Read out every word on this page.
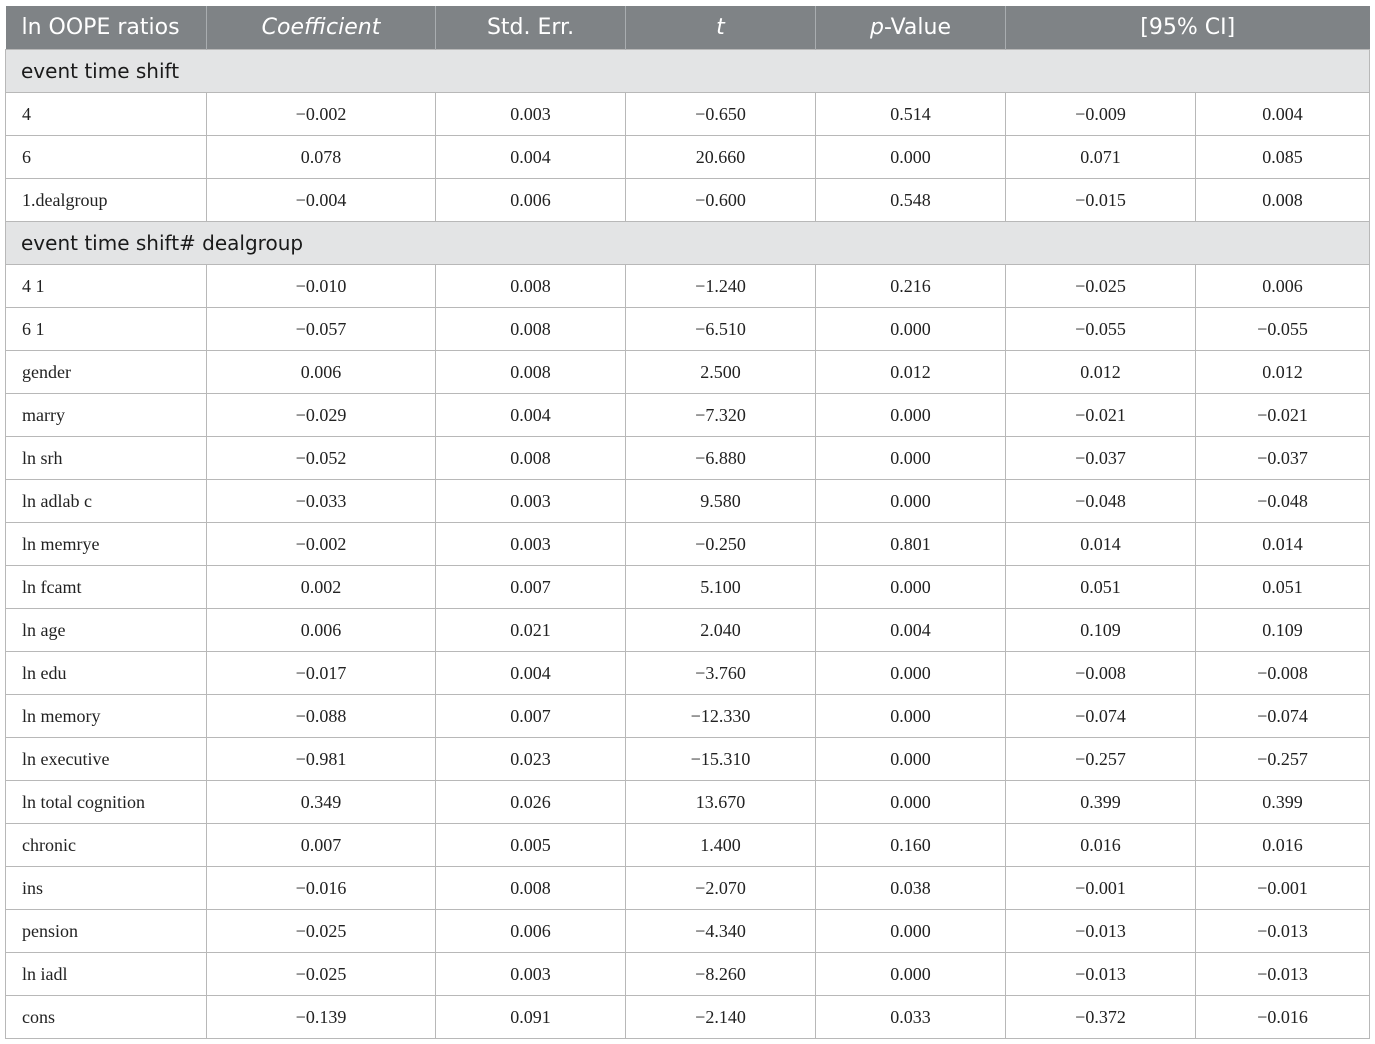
ln OOPE ratios	Coefficient	Std. Err.	t	p-Value	[95% CI]	
event time shift						
4	−0.002	0.003	−0.650	0.514	−0.009	0.004
6	0.078	0.004	20.660	0.000	0.071	0.085
1.dealgroup	−0.004	0.006	−0.600	0.548	−0.015	0.008
event time shift# dealgroup						
4 1	−0.010	0.008	−1.240	0.216	−0.025	0.006
6 1	−0.057	0.008	−6.510	0.000	−0.055	−0.055
gender	0.006	0.008	2.500	0.012	0.012	0.012
marry	−0.029	0.004	−7.320	0.000	−0.021	−0.021
ln srh	−0.052	0.008	−6.880	0.000	−0.037	−0.037
ln adlab c	−0.033	0.003	9.580	0.000	−0.048	−0.048
ln memrye	−0.002	0.003	−0.250	0.801	0.014	0.014
ln fcamt	0.002	0.007	5.100	0.000	0.051	0.051
ln age	0.006	0.021	2.040	0.004	0.109	0.109
ln edu	−0.017	0.004	−3.760	0.000	−0.008	−0.008
ln memory	−0.088	0.007	−12.330	0.000	−0.074	−0.074
ln executive	−0.981	0.023	−15.310	0.000	−0.257	−0.257
ln total cognition	0.349	0.026	13.670	0.000	0.399	0.399
chronic	0.007	0.005	1.400	0.160	0.016	0.016
ins	−0.016	0.008	−2.070	0.038	−0.001	−0.001
pension	−0.025	0.006	−4.340	0.000	−0.013	−0.013
ln iadl	−0.025	0.003	−8.260	0.000	−0.013	−0.013
cons	−0.139	0.091	−2.140	0.033	−0.372	−0.016
